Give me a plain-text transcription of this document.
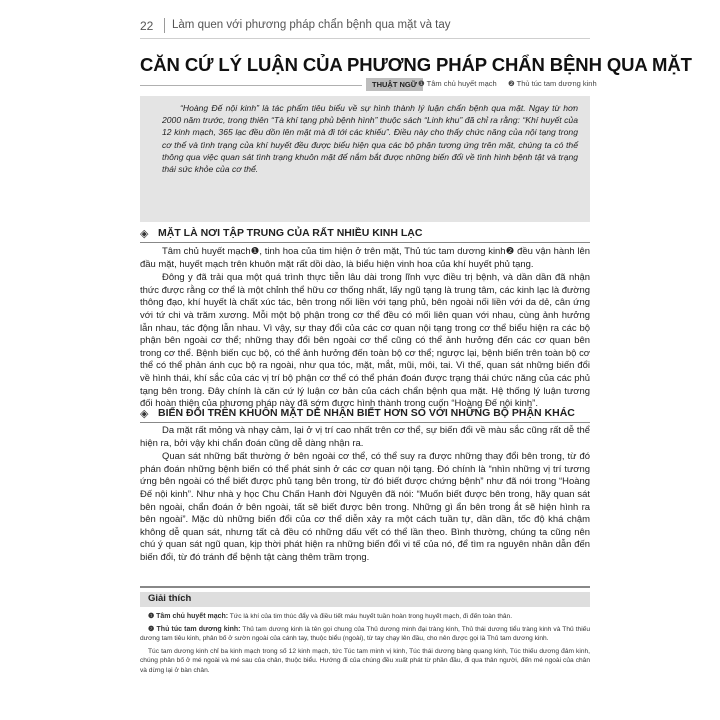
22 Làm quen với phương pháp chẩn bệnh qua mặt và tay
CĂN CỨ LÝ LUẬN CỦA PHƯƠNG PHÁP CHẨN BỆNH QUA MẶT
THUẬT NGỮ ❶ Tâm chủ huyết mạch ❷ Thủ túc tam dương kinh

“Hoàng Đế nội kinh” là tác phẩm tiêu biểu về sự hình thành lý luận chẩn bệnh qua mặt. Ngay từ hơn 2000 năm trước, trong thiên “Tà khí tạng phủ bệnh hình” thuộc sách “Linh khu” đã chỉ ra rằng: “Khí huyết của 12 kinh mạch, 365 lạc đều dồn lên mặt mà đi tới các khiếu”. Điều này cho thấy chức năng của nội tạng trong cơ thể và tình trạng của khí huyết đều được biểu hiện qua các bộ phận tương ứng trên mặt, chúng ta có thể thông qua việc quan sát tình trạng khuôn mặt để nắm bắt được những biến đổi về tình hình bệnh tật và trạng thái sức khỏe của cơ thể.

◈ MẶT LÀ NƠI TẬP TRUNG CỦA RẤT NHIỀU KINH LẠC

Tâm chủ huyết mạch❶, tinh hoa của tim hiện ở trên mặt, Thủ túc tam dương kinh❷ đều vận hành lên đầu mặt, huyết mạch trên khuôn mặt rất dồi dào, là biểu hiện vinh hoa của khí huyết phủ tạng.

Đông y đã trải qua một quá trình thực tiễn lâu dài trong lĩnh vực điều trị bệnh, và dần dần đã nhận thức được rằng cơ thể là một chỉnh thể hữu cơ thống nhất, lấy ngũ tạng là trung tâm, các kinh lạc là đường thông đạo, khí huyết là chất xúc tác, bên trong nối liền với tạng phủ, bên ngoài nối liền với da dẻ, cân ứng với tứ chi và trăm xương. Mỗi một bộ phận trong cơ thể đều có mối liên quan với nhau, cùng ảnh hưởng lẫn nhau, tác động lẫn nhau. Vì vậy, sự thay đổi của các cơ quan nội tạng trong cơ thể biểu hiện ra các bộ phận bên ngoài cơ thể; những thay đổi bên ngoài cơ thể cũng có thể ảnh hưởng đến các cơ quan bên trong cơ thể. Bệnh biến cục bộ, có thể ảnh hưởng đến toàn bộ cơ thể; ngược lại, bệnh biến trên toàn bộ cơ thể có thể phản ánh cục bộ ra ngoài, như qua tóc, mặt, mắt, mũi, môi, tai. Vì thế, quan sát những biến đổi về hình thái, khí sắc của các vị trí bộ phận cơ thể có thể phán đoán được trạng thái chức năng của các phủ tạng bên trong. Đây chính là căn cứ lý luận cơ bản của cách chẩn bệnh qua mặt. Hệ thống lý luận tương đối hoàn thiện của phương pháp này đã sớm được hình thành trong cuốn “Hoàng Đế nội kinh”.

◈ BIẾN ĐỔI TRÊN KHUÔN MẶT DỄ NHẬN BIẾT HƠN SO VỚI NHỮNG BỘ PHẬN KHÁC

Da mặt rất mỏng và nhạy cảm, lại ở vị trí cao nhất trên cơ thể, sự biến đổi về màu sắc cũng rất dễ thể hiện ra, bởi vậy khi chẩn đoán cũng dễ dàng nhận ra.

Quan sát những bất thường ở bên ngoài cơ thể, có thể suy ra được những thay đổi bên trong, từ đó phán đoán những bệnh biến có thể phát sinh ở các cơ quan nội tạng. Đó chính là “nhìn những vị trí tương ứng bên ngoài có thể biết được phủ tạng bên trong, từ đó biết được chứng bệnh” như đã nói trong “Hoàng Đế nội kinh”. Như nhà y học Chu Chấn Hanh đời Nguyên đã nói: “Muốn biết được bên trong, hãy quan sát bên ngoài, chẩn đoán ở bên ngoài, tất sẽ biết được bên trong. Những gì ẩn bên trong ắt sẽ hiện hình ra bên ngoài”. Mặc dù những biến đổi của cơ thể diễn xảy ra một cách tuần tự, dần dần, tốc độ khá chậm không dễ quan sát, nhưng tất cả đều có những dấu vết có thể lần theo. Bình thường, chúng ta cũng nên chú ý quan sát ngũ quan, kịp thời phát hiện ra những biến đổi vi tế của nó, để tìm ra nguyên nhân dẫn đến biến đổi, từ đó tránh để bệnh tật càng thêm trầm trọng.

Giải thích

❶ Tâm chủ huyết mạch: Tức là khí của tim thúc đẩy và điều tiết máu huyết tuần hoàn trong huyết mạch, đi đến toàn thân.

❷ Thủ túc tam dương kinh: Thủ tam dương kinh là tên gọi chung của Thủ dương minh đại tràng kinh, Thủ thái dương tiểu tràng kinh và Thủ thiếu dương tam tiêu kinh, phân bố ở sườn ngoài của cánh tay, thuộc biểu (ngoài), từ tay chạy lên đầu, cho nên được gọi là Thủ tam dương kinh.

Túc tam dương kinh chỉ ba kinh mạch trong số 12 kinh mạch, tức Túc tam minh vị kinh, Túc thái dương bàng quang kinh, Túc thiếu dương đảm kinh, chúng phân bố ở mé ngoài và mé sau của chân, thuộc biểu. Hướng đi của chúng đều xuất phát từ phần đầu, đi qua thân người, đến mé ngoài của chân và dừng lại ở bàn chân.
